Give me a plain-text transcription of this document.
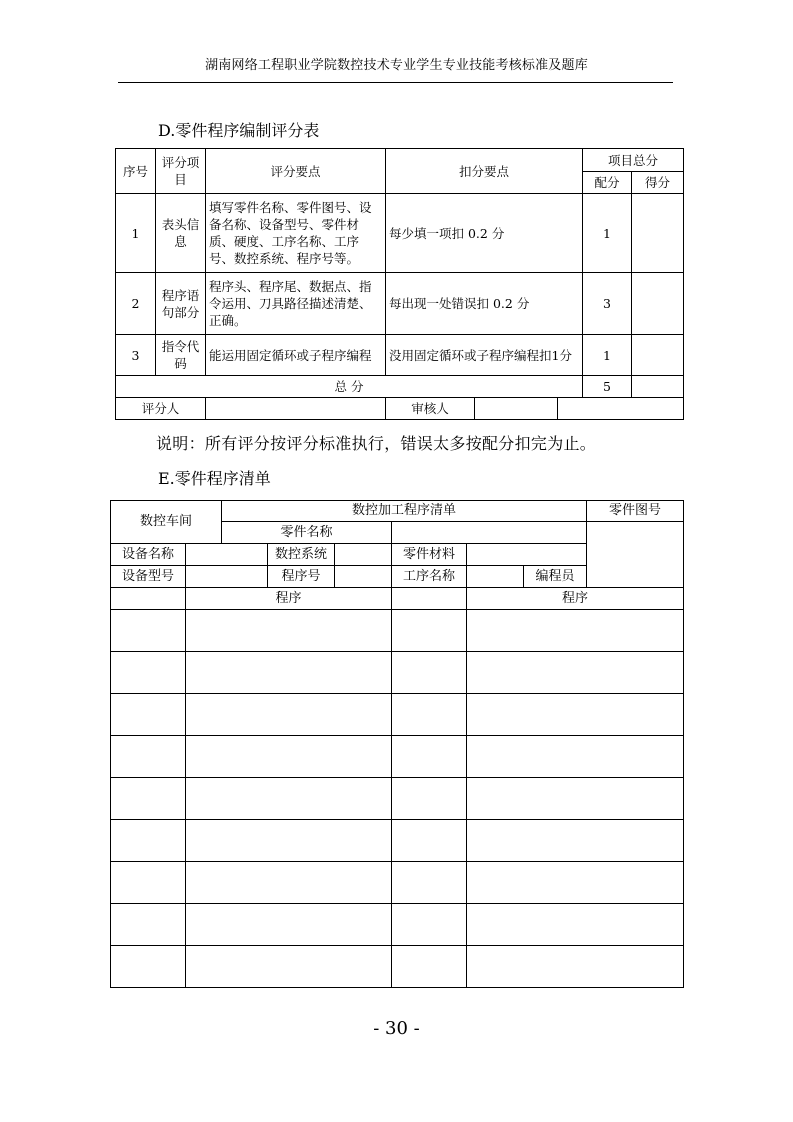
湖南网络工程职业学院数控技术专业学生专业技能考核标准及题库
D.零件程序编制评分表
序号	评分项目	评分要点	扣分要点	项目总分	
				配分	得分
1	表头信息	填写零件名称、零件图号、设备名称、设备型号、零件材质、硬度、工序名称、工序号、数控系统、程序号等。	每少填一项扣 0.2 分	1	
2	程序语句部分	程序头、程序尾、数据点、指令运用、刀具路径描述清楚、正确。	每出现一处错误扣 0.2 分	3	
3	指令代码	能运用固定循环或子程序编程	没用固定循环或子程序编程扣1分	1	
总 分				5	
评分人			审核人		
说明：所有评分按评分标准执行，错误太多按配分扣完为止。
E.零件程序清单
数控车间		数控加工程序清单						零件图号
		零件名称						
设备名称			数控系统		零件材料			
设备型号			程序号		工序名称		编程员	
	程序					程序		

- 30 -
